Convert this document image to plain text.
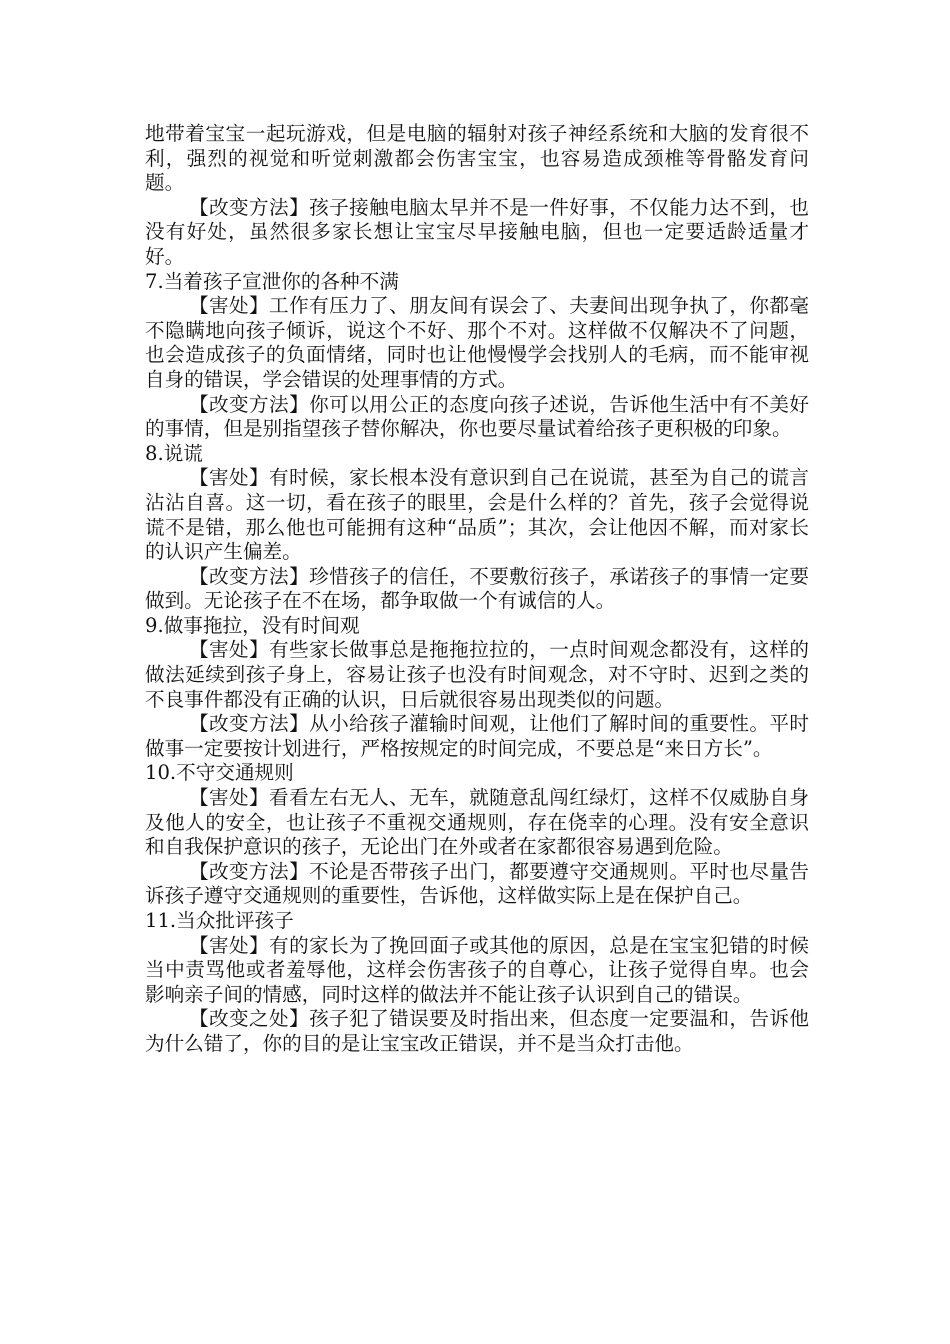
地带着宝宝一起玩游戏，但是电脑的辐射对孩子神经系统和大脑的发育很不利，强烈的视觉和听觉刺激都会伤害宝宝，也容易造成颈椎等骨骼发育问题。

【改变方法】孩子接触电脑太早并不是一件好事，不仅能力达不到，也没有好处，虽然很多家长想让宝宝尽早接触电脑，但也一定要适龄适量才好。

7.当着孩子宣泄你的各种不满

【害处】工作有压力了、朋友间有误会了、夫妻间出现争执了，你都毫不隐瞒地向孩子倾诉，说这个不好、那个不对。这样做不仅解决不了问题，也会造成孩子的负面情绪，同时也让他慢慢学会找别人的毛病，而不能审视自身的错误，学会错误的处理事情的方式。

【改变方法】你可以用公正的态度向孩子述说，告诉他生活中有不美好的事情，但是别指望孩子替你解决，你也要尽量试着给孩子更积极的印象。

8.说谎

【害处】有时候，家长根本没有意识到自己在说谎，甚至为自己的谎言沾沾自喜。这一切，看在孩子的眼里，会是什么样的？首先，孩子会觉得说谎不是错，那么他也可能拥有这种“品质”；其次，会让他因不解，而对家长的认识产生偏差。

【改变方法】珍惜孩子的信任，不要敷衍孩子，承诺孩子的事情一定要做到。无论孩子在不在场，都争取做一个有诚信的人。

9.做事拖拉，没有时间观

【害处】有些家长做事总是拖拖拉拉的，一点时间观念都没有，这样的做法延续到孩子身上，容易让孩子也没有时间观念，对不守时、迟到之类的不良事件都没有正确的认识，日后就很容易出现类似的问题。

【改变方法】从小给孩子灌输时间观，让他们了解时间的重要性。平时做事一定要按计划进行，严格按规定的时间完成，不要总是“来日方长”。

10.不守交通规则

【害处】看看左右无人、无车，就随意乱闯红绿灯，这样不仅威胁自身及他人的安全，也让孩子不重视交通规则，存在侥幸的心理。没有安全意识和自我保护意识的孩子，无论出门在外或者在家都很容易遇到危险。

【改变方法】不论是否带孩子出门，都要遵守交通规则。平时也尽量告诉孩子遵守交通规则的重要性，告诉他，这样做实际上是在保护自己。

11.当众批评孩子

【害处】有的家长为了挽回面子或其他的原因，总是在宝宝犯错的时候当中责骂他或者羞辱他，这样会伤害孩子的自尊心，让孩子觉得自卑。也会影响亲子间的情感，同时这样的做法并不能让孩子认识到自己的错误。

【改变之处】孩子犯了错误要及时指出来，但态度一定要温和，告诉他为什么错了，你的目的是让宝宝改正错误，并不是当众打击他。
